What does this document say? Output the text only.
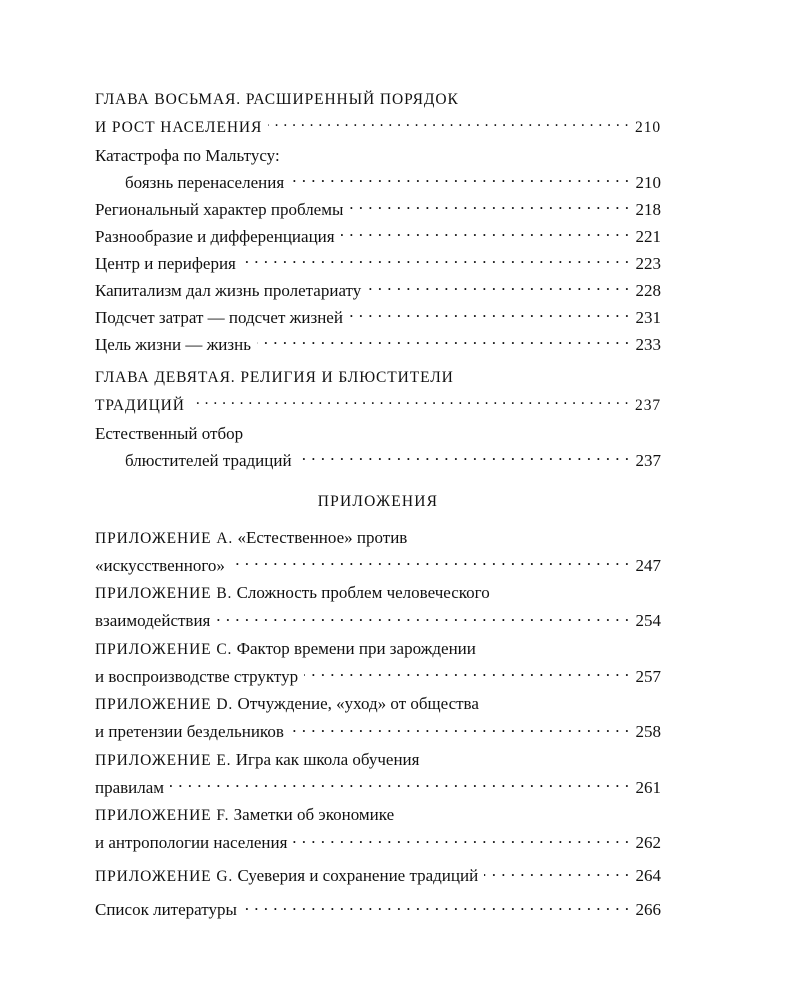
ГЛАВА ВОСЬМАЯ. РАСШИРЕННЫЙ ПОРЯДОК
И РОСТ НАСЕЛЕНИЯ . . .	210
Катастрофа по Мальтусу:
боязнь перенаселения . . .	210
Региональный характер проблемы . . .	218
Разнообразие и дифференциация . . .	221
Центр и периферия . . .	223
Капитализм дал жизнь пролетариату . . .	228
Подсчет затрат — подсчет жизней . . .	231
Цель жизни — жизнь . . .	233
ГЛАВА ДЕВЯТАЯ. РЕЛИГИЯ И БЛЮСТИТЕЛИ
ТРАДИЦИЙ . . .	237
Естественный отбор
блюстителей традиций . . .	237
ПРИЛОЖЕНИЯ
ПРИЛОЖЕНИЕ A.
«Естественное» против
«искусственного» . . .	247
ПРИЛОЖЕНИЕ B.
Сложность проблем человеческого
взаимодействия . . .	254
ПРИЛОЖЕНИЕ C.
Фактор времени при зарождении
и воспроизводстве структур . . .	257
ПРИЛОЖЕНИЕ D.
Отчуждение, «уход» от общества
и претензии бездельников . . .	258
ПРИЛОЖЕНИЕ E.
Игра как школа обучения
правилам . . .	261
ПРИЛОЖЕНИЕ F.
Заметки об экономике
и антропологии населения . . .	262
ПРИЛОЖЕНИЕ G.
Суеверия и сохранение традиций . . .	264
Список литературы . . .	266
